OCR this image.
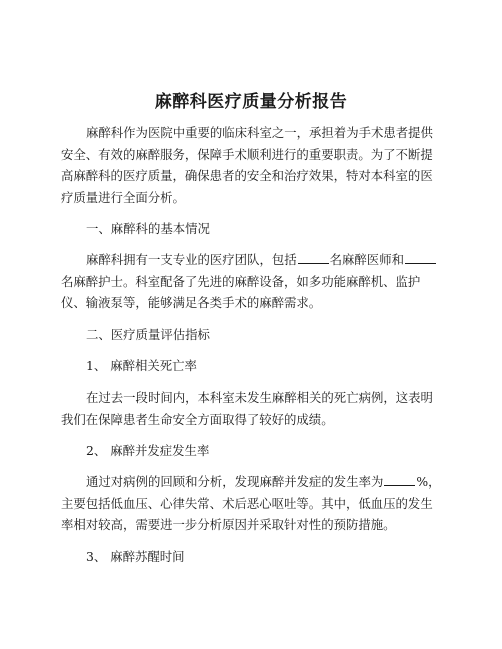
麻醉科医疗质量分析报告

麻醉科作为医院中重要的临床科室之一，承担着为手术患者提供安全、有效的麻醉服务，保障手术顺利进行的重要职责。为了不断提高麻醉科的医疗质量，确保患者的安全和治疗效果，特对本科室的医疗质量进行全面分析。

一、麻醉科的基本情况

麻醉科拥有一支专业的医疗团队，包括	名麻醉医师和名麻醉护士。科室配备了先进的麻醉设备，如多功能麻醉机、监护仪、输液泵等，能够满足各类手术的麻醉需求。

二、医疗质量评估指标
1、 麻醉相关死亡率

在过去一段时间内，本科室未发生麻醉相关的死亡病例，这表明我们在保障患者生命安全方面取得了较好的成绩。

2、 麻醉并发症发生率

通过对病例的回顾和分析，发现麻醉并发症的发生率为	%，主要包括低血压、心律失常、术后恶心呕吐等。其中，低血压的发生率相对较高，需要进一步分析原因并采取针对性的预防措施。

3、 麻醉苏醒时间
